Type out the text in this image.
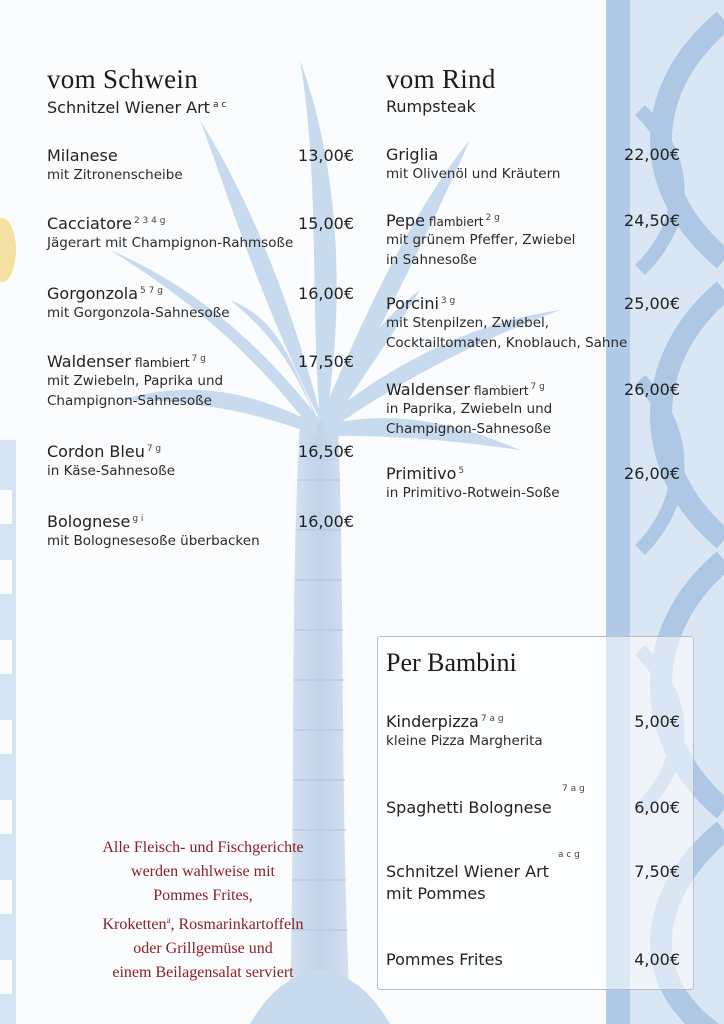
vom Schwein
Schnitzel Wiener Art $^{a c}$
Milanese
mit Zitronenscheibe
13,00€
Cacciatore $^{2 3 4 g}$
Jägerart mit Champignon-Rahmsoße
15,00€
Gorgonzola $^{5 7 g}$
mit Gorgonzola-Sahnesoße
16,00€
Waldenser flambiert $^{7 g}$
mit Zwiebeln, Paprika und
Champignon-Sahnesoße
17,50€
Cordon Bleu $^{7 g}$
in Käse-Sahnesoße
16,50€
Bolognese $^{g i}$
mit Bolognesesoße überbacken
16,00€
vom Rind
Rumpsteak
Griglia
mit Olivenöl und Kräutern
22,00€
Pepe flambiert $^{2 g}$
mit grünem Pfeffer, Zwiebel
in Sahnesoße
24,50€
Porcini $^{3 g}$
mit Stenpilzen, Zwiebel,
Cocktailtomaten, Knoblauch, Sahne
25,00€
Waldenser flambiert $^{7 g}$
in Paprika, Zwiebeln und
Champignon-Sahnesoße
26,00€
Primitivo $^5$
in Primitivo-Rotwein-Soße
26,00€
Per Bambini
Kinderpizza $^{7 a g}$
kleine Pizza Margherita
5,00€
Spaghetti Bolognese
7 a g
6,00€
Schnitzel Wiener Art
mit Pommes
a c g
7,50€
Pommes Frites	4,00€
Alle Fleisch- und Fischgerichte
werden wahlweise mit
Pommes Frites,
Kroketten$^a$, Rosmarinkartoffeln
oder Grillgemüse und
einem Beilagensalat serviert
